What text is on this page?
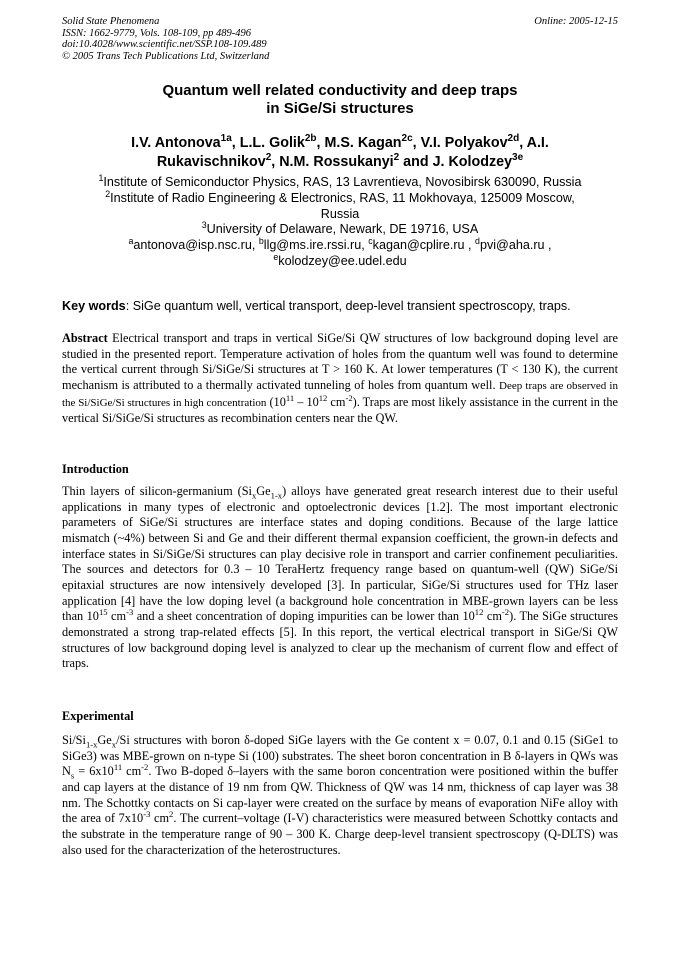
Solid State Phenomena
ISSN: 1662-9779, Vols. 108-109, pp 489-496
doi:10.4028/www.scientific.net/SSP.108-109.489
© 2005 Trans Tech Publications Ltd, Switzerland
Online: 2005-12-15
Quantum well related conductivity and deep traps
in SiGe/Si structures
I.V. Antonova$^{1a}$, L.L. Golik$^{2b}$, M.S. Kagan$^{2c}$, V.I. Polyakov$^{2d}$, A.I. Rukavischnikov$^2$, N.M. Rossukanyi$^2$ and J. Kolodzey$^{3e}$
$^1$Institute of Semiconductor Physics, RAS, 13 Lavrentieva, Novosibirsk 630090, Russia
$^2$Institute of Radio Engineering & Electronics, RAS, 11 Mokhovaya, 125009 Moscow,
Russia
$^3$University of Delaware, Newark, DE 19716, USA
$^a$antonova@isp.nsc.ru, $^b$llg@ms.ire.rssi.ru, $^c$kagan@cplire.ru , $^d$pvi@aha.ru ,
$^e$kolodzey@ee.udel.edu
Key words: SiGe quantum well, vertical transport, deep-level transient spectroscopy, traps.
Abstract Electrical transport and traps in vertical SiGe/Si QW structures of low background doping level are studied in the presented report. Temperature activation of holes from the quantum well was found to determine the vertical current through Si/SiGe/Si structures at T > 160 K. At lower temperatures (T < 130 K), the current mechanism is attributed to a thermally activated tunneling of holes from quantum well. Deep traps are observed in the Si/SiGe/Si structures in high concentration ($10^{11} - 10^{12}$ $cm^{-2}$). Traps are most likely assistance in the current in the vertical Si/SiGe/Si structures as recombination centers near the QW.
Introduction
Thin layers of silicon-germanium $(Si_xGe_{1-x})$ alloys have generated great research interest due to their useful applications in many types of electronic and optoelectronic devices [1.2]. The most important electronic parameters of SiGe/Si structures are interface states and doping conditions. Because of the large lattice mismatch (~4%) between Si and Ge and their different thermal expansion coefficient, the grown-in defects and interface states in Si/SiGe/Si structures can play decisive role in transport and carrier confinement peculiarities. The sources and detectors for 0.3 – 10 TeraHertz frequency range based on quantum-well (QW) SiGe/Si epitaxial structures are now intensively developed [3]. In particular, SiGe/Si structures used for THz laser application [4] have the low doping level (a background hole concentration in MBE-grown layers can be less than $10^{15}$ $cm^{-3}$ and a sheet concentration of doping impurities can be lower than $10^{12}$ $cm^{-2}$). The SiGe structures demonstrated a strong trap-related effects [5]. In this report, the vertical electrical transport in SiGe/Si QW structures of low background doping level is analyzed to clear up the mechanism of current flow and effect of traps.
Experimental
$Si/Si_{1-x}Ge_x/Si$ structures with boron δ-doped SiGe layers with the Ge content x = 0.07, 0.1 and 0.15 (SiGe1 to SiGe3) was MBE-grown on n-type Si (100) substrates. The sheet boron concentration in B δ-layers in QWs was $N_s = 6x10^{11}$ $cm^{-2}$. Two B-doped δ–layers with the same boron concentration were positioned within the buffer and cap layers at the distance of 19 nm from QW. Thickness of QW was 14 nm, thickness of cap layer was 38 nm. The Schottky contacts on Si cap-layer were created on the surface by means of evaporation NiFe alloy with the area of $7x10^{-3}$ $cm^2$. The current–voltage (I-V) characteristics were measured between Schottky contacts and the substrate in the temperature range of 90 – 300 K. Charge deep-level transient spectroscopy (Q-DLTS) was also used for the characterization of the heterostructures.
